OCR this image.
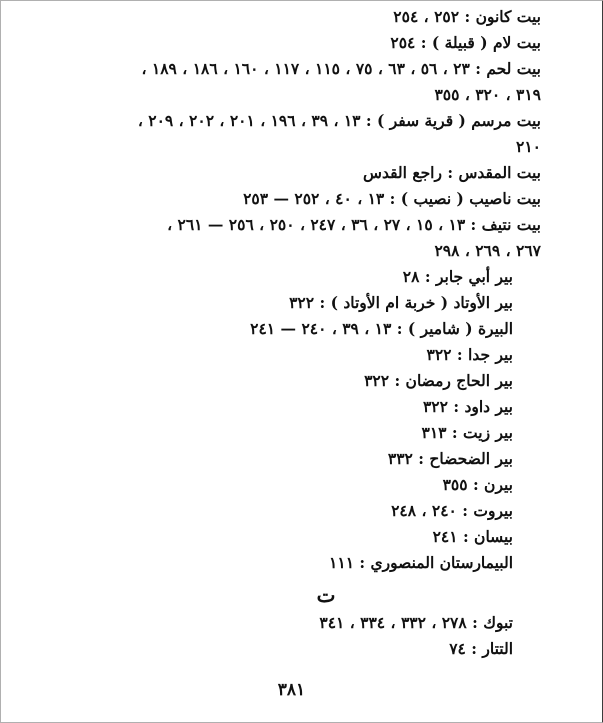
بيت كانون : ٢٥٢ ، ٢٥٤
بيت لام ( قبيلة ) : ٢٥٤
بيت لحم : ٢٣ ، ٥٦ ، ٦٣ ، ٧٥ ، ١١٥ ، ١١٧ ، ١٦٠ ، ١٨٦ ، ١٨٩ ،
٣١٩ ، ٣٢٠ ، ٣٥٥
بيت مرسم ( قرية سفر ) : ١٣ ، ٣٩ ، ١٩٦ ، ٢٠١ ، ٢٠٢ ، ٢٠٩ ،
٢١٠
بيت المقدس : راجع القدس
بيت ناصيب ( نصيب ) : ١٣ ، ٤٠ ، ٢٥٢ — ٢٥٣
بيت نتيف : ١٣ ، ١٥ ، ٢٧ ، ٣٦ ، ٢٤٧ ، ٢٥٠ ، ٢٥٦ — ٢٦١ ،
٢٦٧ ، ٢٦٩ ، ٢٩٨
بير أبي جابر : ٢٨
بير الأوتاد ( خربة ام الأوتاد ) : ٣٢٢
البيرة ( شامير ) : ١٣ ، ٣٩ ، ٢٤٠ — ٢٤١
بير جدا : ٣٢٢
بير الحاج رمضان : ٣٢٢
بير داود : ٣٢٢
بير زيت : ٣١٣
بير الضحضاح : ٣٣٢
بيرن : ٣٥٥
بيروت : ٢٤٠ ، ٢٤٨
بيسان : ٢٤١
البيمارستان المنصوري : ١١١
ت
تبوك : ٢٧٨ ، ٣٣٢ ، ٣٣٤ ، ٣٤١
التتار : ٧٤
٣٨١
